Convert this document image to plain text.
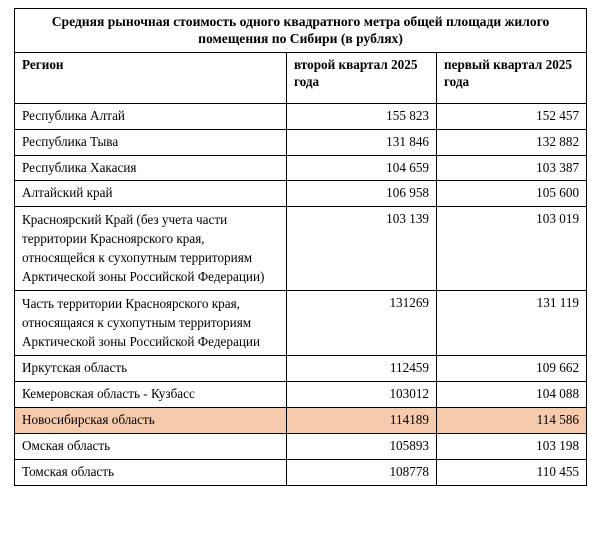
Средняя рыночная стоимость одного квадратного метра общей площади жилого помещения по Сибири (в рублях)		
Регион	второй квартал 2025 года	первый квартал 2025 года
Республика Алтай	155 823	152 457
Республика Тыва	131 846	132 882
Республика Хакасия	104 659	103 387
Алтайский край	106 958	105 600
Красноярский Край (без учета части территории Красноярского края, относящейся к сухопутным территориям Арктической зоны Российской Федерации)	103 139	103 019
Часть территории Красноярского края, относящаяся к сухопутным территориям Арктической зоны Российской Федерации	131269	131 119
Иркутская область	112459	109 662
Кемеровская область - Кузбасс	103012	104 088
Новосибирская область	114189	114 586
Омская область	105893	103 198
Томская область	108778	110 455
